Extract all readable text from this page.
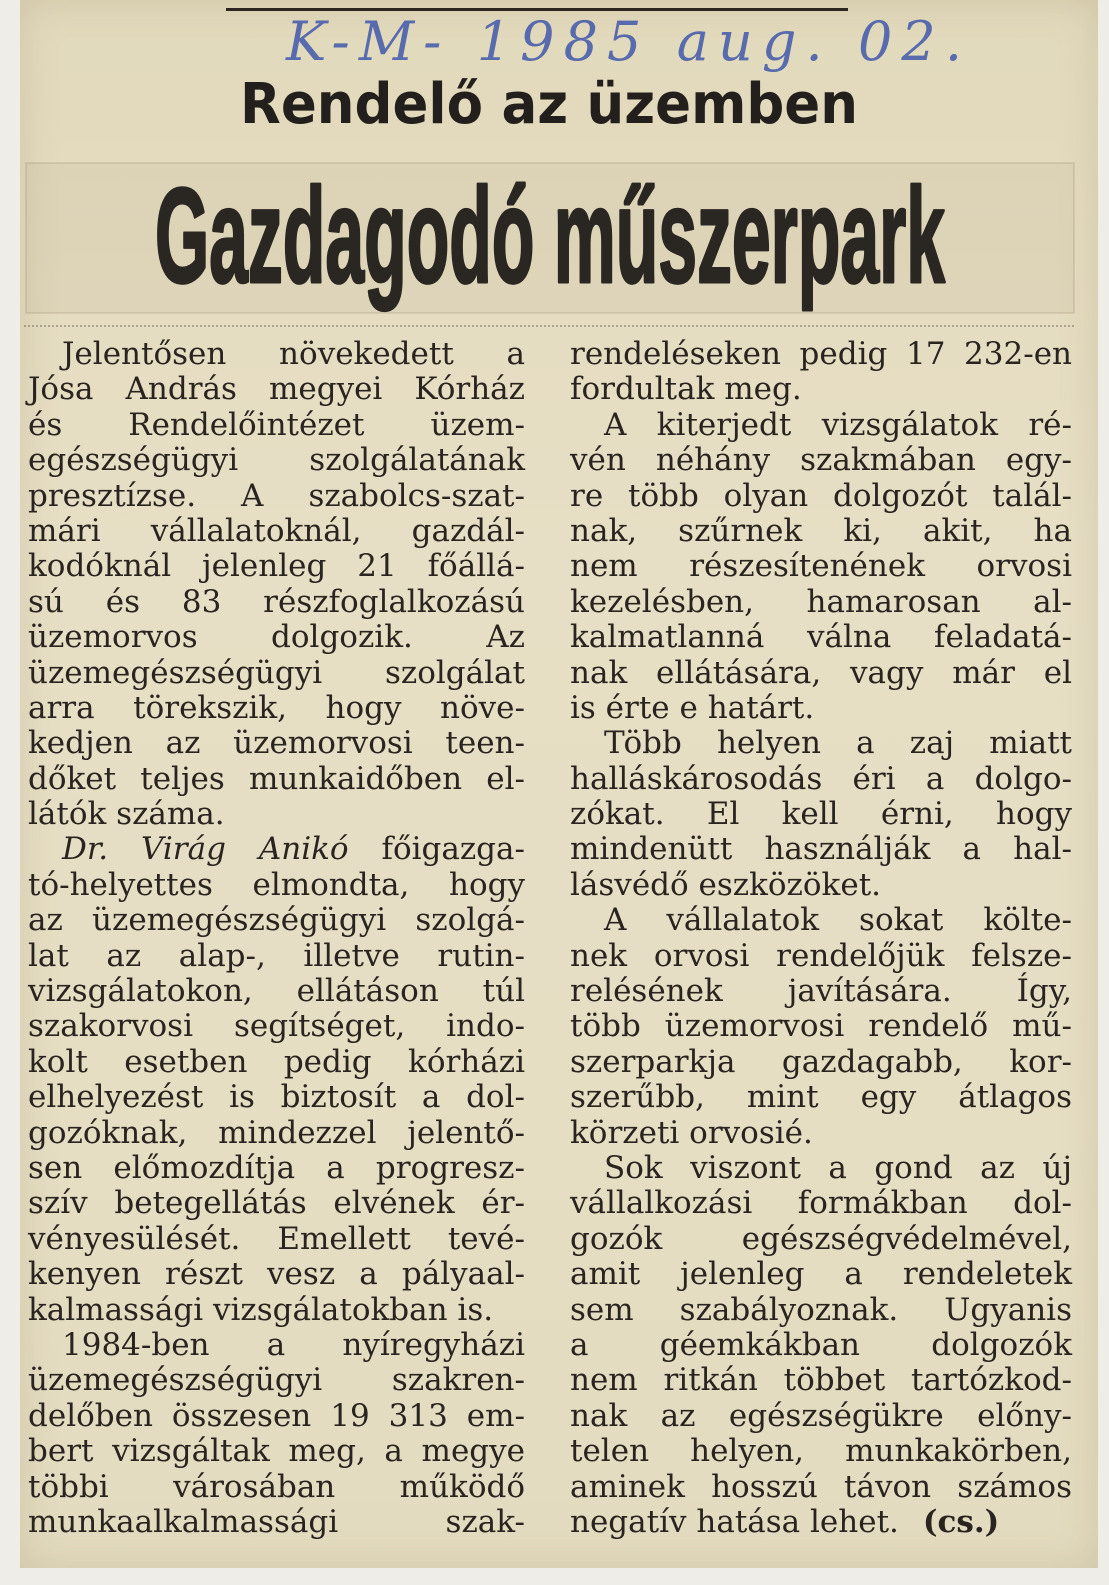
K-M- 1985 aug. 02.
Rendelő az üzemben
Gazdagodó műszerpark
Jelentősen növekedett a
Jósa András megyei Kórház
és Rendelőintézet üzem-
egészségügyi szolgálatának
presztízse. A szabolcs-szat-
mári vállalatoknál, gazdál-
kodóknál jelenleg 21 főállá-
sú és 83 részfoglalkozású
üzemorvos dolgozik. Az
üzemegészségügyi szolgálat
arra törekszik, hogy növe-
kedjen az üzemorvosi teen-
dőket teljes munkaidőben el-
látók száma.
Dr. Virág Anikó főigazga-
tó-helyettes elmondta, hogy
az üzemegészségügyi szolgá-
lat az alap-, illetve rutin-
vizsgálatokon, ellátáson túl
szakorvosi segítséget, indo-
kolt esetben pedig kórházi
elhelyezést is biztosít a dol-
gozóknak, mindezzel jelentő-
sen előmozdítja a progresz-
szív betegellátás elvének ér-
vényesülését. Emellett tevé-
kenyen részt vesz a pályaal-
kalmassági vizsgálatokban is.
1984-ben a nyíregyházi
üzemegészségügyi szakren-
delőben összesen 19 313 em-
bert vizsgáltak meg, a megye
többi városában működő
munkaalkalmassági szak-
rendeléseken pedig 17 232-en
fordultak meg.
A kiterjedt vizsgálatok ré-
vén néhány szakmában egy-
re több olyan dolgozót talál-
nak, szűrnek ki, akit, ha
nem részesítenének orvosi
kezelésben, hamarosan al-
kalmatlanná válna feladatá-
nak ellátására, vagy már el
is érte e határt.
Több helyen a zaj miatt
halláskárosodás éri a dolgo-
zókat. El kell érni, hogy
mindenütt használják a hal-
lásvédő eszközöket.
A vállalatok sokat költe-
nek orvosi rendelőjük felsze-
relésének javítására. Így,
több üzemorvosi rendelő mű-
szerparkja gazdagabb, kor-
szerűbb, mint egy átlagos
körzeti orvosié.
Sok viszont a gond az új
vállalkozási formákban dol-
gozók egészségvédelmével,
amit jelenleg a rendeletek
sem szabályoznak. Ugyanis
a géemkákban dolgozók
nem ritkán többet tartózkod-
nak az egészségükre előny-
telen helyen, munkakörben,
aminek hosszú távon számos
negatív hatása lehet. (cs.)
